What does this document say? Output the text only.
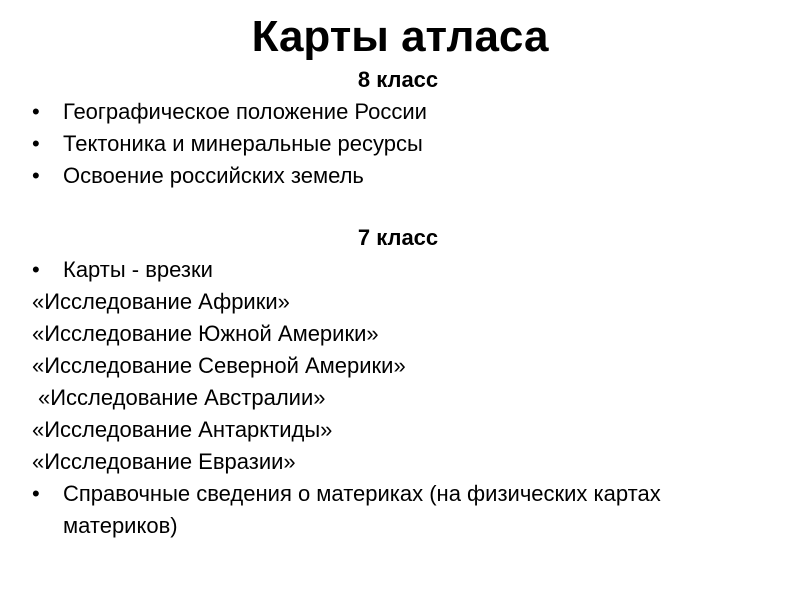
Карты атласа
8 класс
•	Географическое положение России
•	Тектоника и минеральные ресурсы
•	Освоение российских земель
7 класс
•	Карты - врезки
«Исследование Африки»
«Исследование Южной Америки»
«Исследование Северной Америки»
«Исследование Австралии»
«Исследование Антарктиды»
«Исследование Евразии»
•	Справочные сведения о материках (на физических картах материков)
